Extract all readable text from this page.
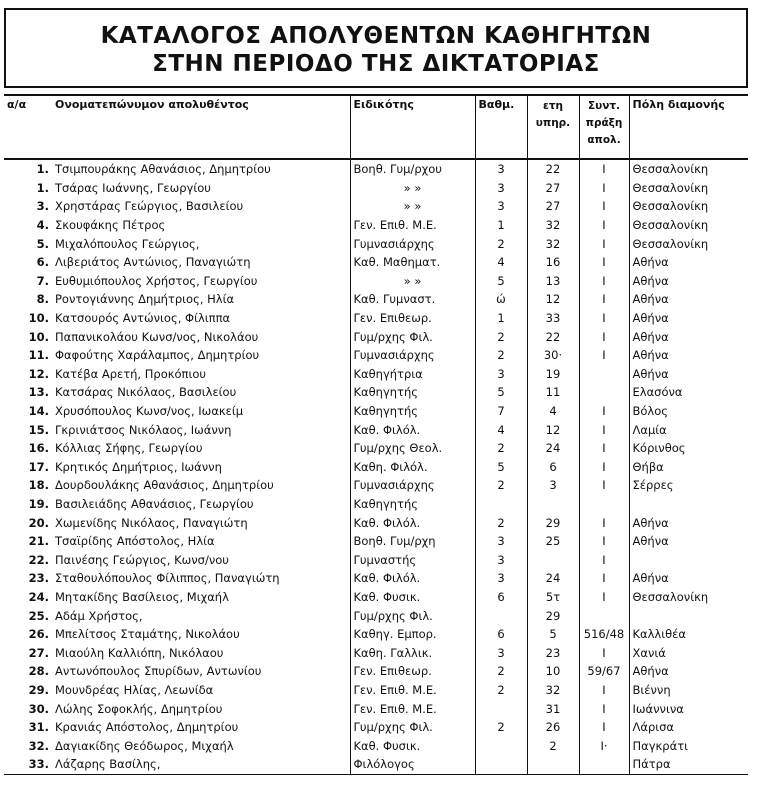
ΚΑΤΑΛΟΓΟΣ ΑΠΟΛΥΘΕΝΤΩΝ ΚΑΘΗΓΗΤΩΝ
ΣΤΗΝ ΠΕΡΙΟΔΟ ΤΗΣ ΔΙΚΤΑΤΟΡΙΑΣ
α/α	Ονοματεπώνυμον απολυθέντος	Ειδικότης	Βαθμ.	ετη υπηρ.	Συντ. πράξη απολ.	Πόλη διαμονής
1.	Τσιμπουράκης Αθανάσιος, Δημητρίου	Βοηθ. Γυμ/ρχου	3	22	Ι	Θεσσαλονίκη
1.	Τσάρας Ιωάννης, Γεωργίου	» »	3	27	Ι	Θεσσαλονίκη
3.	Χρηστάρας Γεώργιος, Βασιλείου	» »	3	27	Ι	Θεσσαλονίκη
4.	Σκουφάκης Πέτρος	Γεν. Επιθ. Μ.Ε.	1	32	Ι	Θεσσαλονίκη
5.	Μιχαλόπουλος Γεώργιος,	Γυμνασιάρχης	2	32	Ι	Θεσσαλονίκη
6.	Λιβεριάτος Αντώνιος, Παναγιώτη	Καθ. Μαθηματ.	4	16	Ι	Αθήνα
7.	Ευθυμιόπουλος Χρήστος, Γεωργίου	» »	5	13	Ι	Αθήνα
8.	Ροντογιάννης Δημήτριος, Ηλία	Καθ. Γυμναστ.	ώ	12	Ι	Αθήνα
10.	Κατσουρός Αντώνιος, Φίλιππα	Γεν. Επιθεωρ.	1	33	Ι	Αθήνα
10.	Παπανικολάου Κωνσ/νος, Νικολάου	Γυμ/ρχης Φιλ.	2	22	Ι	Αθήνα
11.	Φαφούτης Χαράλαμπος, Δημητρίου	Γυμνασιάρχης	2	30·	Ι	Αθήνα
12.	Κατέβα Αρετή, Προκόπιου	Καθηγήτρια	3	19		Αθήνα
13.	Κατσάρας Νικόλαος, Βασιλείου	Καθηγητής	5	11		Ελασόνα
14.	Χρυσόπουλος Κωνσ/νος, Ιωακείμ	Καθηγητής	7	4	Ι	Βόλος
15.	Γκρινιάτσος Νικόλαος, Ιωάννη	Καθ. Φιλόλ.	4	12	Ι	Λαμία
16.	Κόλλιας Σήφης, Γεωργίου	Γυμ/ρχης Θεολ.	2	24	Ι	Κόρινθος
17.	Κρητικός Δημήτριος, Ιωάννη	Καθη. Φιλόλ.	5	6	Ι	Θήβα
18.	Δουρδουλάκης Αθανάσιος, Δημητρίου	Γυμνασιάρχης	2	3	Ι	Σέρρες
19.	Βασιλειάδης Αθανάσιος, Γεωργίου	Καθηγητής				
20.	Χωμενίδης Νικόλαος, Παναγιώτη	Καθ. Φιλόλ.	2	29	Ι	Αθήνα
21.	Τσαϊρίδης Απόστολος, Ηλία	Βοηθ. Γυμ/ρχη	3	25	Ι	Αθήνα
22.	Παινέσης Γεώργιος, Κωνσ/νου	Γυμναστής	3		Ι	
23.	Σταθουλόπουλος Φίλιππος, Παναγιώτη	Καθ. Φιλόλ.	3	24	Ι	Αθήνα
24.	Μητακίδης Βασίλειος, Μιχαήλ	Καθ. Φυσικ.	6	5τ	Ι	Θεσσαλονίκη
25.	Αδάμ Χρήστος,	Γυμ/ρχης Φιλ.		29		
26.	Μπελίτσος Σταμάτης, Νικολάου	Καθηγ. Εμπορ.	6	5	516/48	Καλλιθέα
27.	Μιαούλη Καλλιόπη, Νικόλαου	Καθη. Γαλλικ.	3	23	Ι	Χανιά
28.	Αντωνόπουλος Σπυρίδων, Αντωνίου	Γεν. Επιθεωρ.	2	10	59/67	Αθήνα
29.	Μουνδρέας Ηλίας, Λεωνίδα	Γεν. Επιθ. Μ.Ε.	2	32	Ι	Βιέννη
30.	Λώλης Σοφοκλής, Δημητρίου	Γεν. Επιθ. Μ.Ε.		31	Ι	Ιωάννινα
31.	Κρανιάς Απόστολος, Δημητρίου	Γυμ/ρχης Φιλ.	2	26	Ι	Λάρισα
32.	Δαγιακίδης Θεόδωρος, Μιχαήλ	Καθ. Φυσικ.		2	Ι·	Παγκράτι
33.	Λάζαρης Βασίλης,	Φιλόλογος				Πάτρα
